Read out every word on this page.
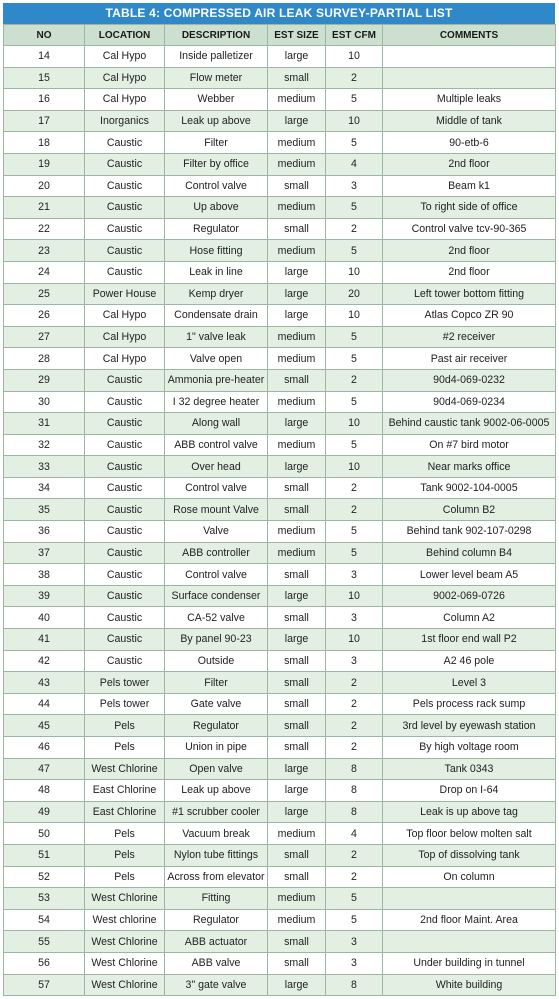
TABLE 4: COMPRESSED AIR LEAK SURVEY-PARTIAL LIST
NO	LOCATION	DESCRIPTION	EST SIZE	EST CFM	COMMENTS
14	Cal Hypo	Inside palletizer	large	10	
15	Cal Hypo	Flow meter	small	2	
16	Cal Hypo	Webber	medium	5	Multiple leaks
17	Inorganics	Leak up above	large	10	Middle of tank
18	Caustic	Filter	medium	5	90-etb-6
19	Caustic	Filter by office	medium	4	2nd floor
20	Caustic	Control valve	small	3	Beam k1
21	Caustic	Up above	medium	5	To right side of office
22	Caustic	Regulator	small	2	Control valve tcv-90-365
23	Caustic	Hose fitting	medium	5	2nd floor
24	Caustic	Leak in line	large	10	2nd floor
25	Power House	Kemp dryer	large	20	Left tower bottom fitting
26	Cal Hypo	Condensate drain	large	10	Atlas Copco ZR 90
27	Cal Hypo	1" valve leak	medium	5	#2 receiver
28	Cal Hypo	Valve open	medium	5	Past air receiver
29	Caustic	Ammonia pre-heater	small	2	90d4-069-0232
30	Caustic	I 32 degree heater	medium	5	90d4-069-0234
31	Caustic	Along wall	large	10	Behind caustic tank 9002-06-0005
32	Caustic	ABB control valve	medium	5	On #7 bird motor
33	Caustic	Over head	large	10	Near marks office
34	Caustic	Control valve	small	2	Tank 9002-104-0005
35	Caustic	Rose mount Valve	small	2	Column B2
36	Caustic	Valve	medium	5	Behind tank 902-107-0298
37	Caustic	ABB controller	medium	5	Behind column B4
38	Caustic	Control valve	small	3	Lower level beam A5
39	Caustic	Surface condenser	large	10	9002-069-0726
40	Caustic	CA-52 valve	small	3	Column A2
41	Caustic	By panel 90-23	large	10	1st floor end wall P2
42	Caustic	Outside	small	3	A2 46 pole
43	Pels tower	Filter	small	2	Level 3
44	Pels tower	Gate valve	small	2	Pels process rack sump
45	Pels	Regulator	small	2	3rd level by eyewash station
46	Pels	Union in pipe	small	2	By high voltage room
47	West Chlorine	Open valve	large	8	Tank 0343
48	East Chlorine	Leak up above	large	8	Drop on I-64
49	East Chlorine	#1 scrubber cooler	large	8	Leak is up above tag
50	Pels	Vacuum break	medium	4	Top floor below molten salt
51	Pels	Nylon tube fittings	small	2	Top of dissolving tank
52	Pels	Across from elevator	small	2	On column
53	West Chlorine	Fitting	medium	5	
54	West chlorine	Regulator	medium	5	2nd floor Maint. Area
55	West Chlorine	ABB actuator	small	3	
56	West Chlorine	ABB valve	small	3	Under building in tunnel
57	West Chlorine	3" gate valve	large	8	White building
